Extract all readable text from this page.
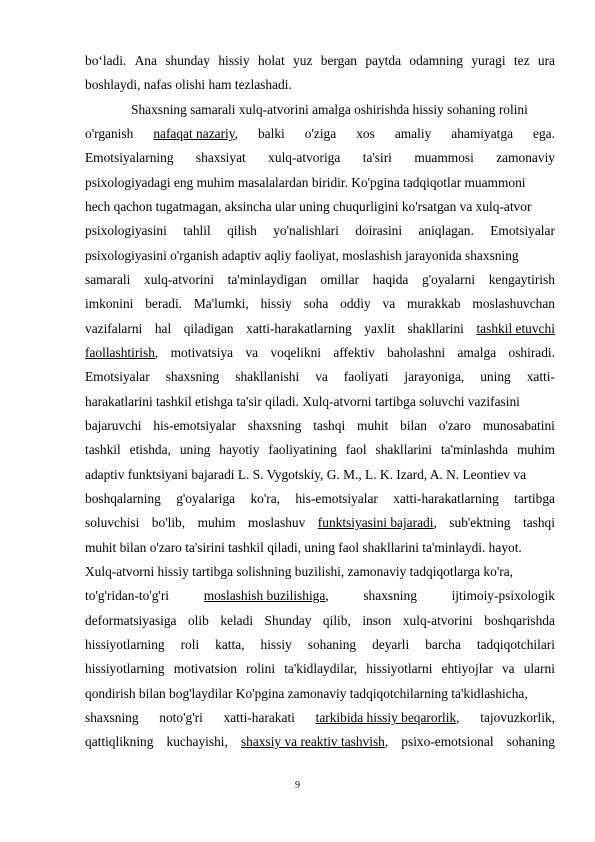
bo‘ladi. Ana shunday hissiy holat yuz bergan paytda odamning yuragi tez ura
boshlaydi, nafas olishi ham tezlashadi.
Shaxsning samarali xulq-atvorini amalga oshirishda hissiy sohaning rolini
o'rganish nafaqat nazariy, balki o'ziga xos amaliy ahamiyatga ega.
Emotsiyalarning shaxsiyat xulq-atvoriga ta'siri muammosi zamonaviy
psixologiyadagi eng muhim masalalardan biridir. Ko'pgina tadqiqotlar muammoni
hech qachon tugatmagan, aksincha ular uning chuqurligini ko'rsatgan va xulq-atvor
psixologiyasini tahlil qilish yo'nalishlari doirasini aniqlagan. Emotsiyalar
psixologiyasini o'rganish adaptiv aqliy faoliyat, moslashish jarayonida shaxsning
samarali xulq-atvorini ta'minlaydigan omillar haqida g'oyalarni kengaytirish
imkonini beradi. Ma'lumki, hissiy soha oddiy va murakkab moslashuvchan
vazifalarni hal qiladigan xatti-harakatlarning yaxlit shakllarini tashkil etuvchi
faollashtirish, motivatsiya va voqelikni affektiv baholashni amalga oshiradi.
Emotsiyalar shaxsning shakllanishi va faoliyati jarayoniga, uning xatti-
harakatlarini tashkil etishga ta'sir qiladi. Xulq-atvorni tartibga soluvchi vazifasini
bajaruvchi his-emotsiyalar shaxsning tashqi muhit bilan o'zaro munosabatini
tashkil etishda, uning hayotiy faoliyatining faol shakllarini ta'minlashda muhim
adaptiv funktsiyani bajaradi L. S. Vygotskiy, G. M., L. K. Izard, A. N. Leontiev va
boshqalarning g'oyalariga ko'ra, his-emotsiyalar xatti-harakatlarning tartibga
soluvchisi bo'lib, muhim moslashuv funktsiyasini bajaradi, sub'ektning tashqi
muhit bilan o'zaro ta'sirini tashkil qiladi, uning faol shakllarini ta'minlaydi. hayot.
Xulq-atvorni hissiy tartibga solishning buzilishi, zamonaviy tadqiqotlarga ko'ra,
to'g'ridan-to'g'ri	moslashish buzilishiga,	shaxsning	ijtimoiy-psixologik
deformatsiyasiga olib keladi Shunday qilib, inson xulq-atvorini boshqarishda
hissiyotlarning roli katta, hissiy sohaning deyarli barcha tadqiqotchilari
hissiyotlarning motivatsion rolini ta'kidlaydilar, hissiyotlarni ehtiyojlar va ularni
qondirish bilan bog'laydilar Ko'pgina zamonaviy tadqiqotchilarning ta'kidlashicha,
shaxsning noto'g'ri xatti-harakati tarkibida hissiy beqarorlik, tajovuzkorlik,
qattiqlikning kuchayishi, shaxsiy va reaktiv tashvish, psixo-emotsional sohaning
9
